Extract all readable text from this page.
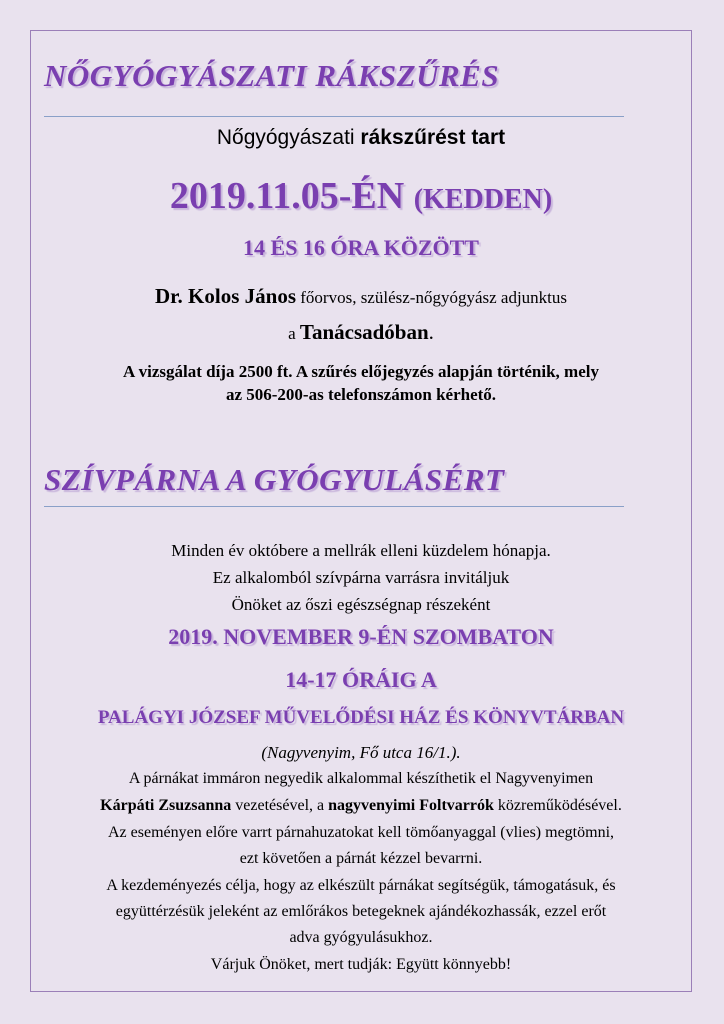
NŐGYÓGYÁSZATI RÁKSZŰRÉS

Nőgyógyászati rákszűrést tart

2019.11.05-ÉN (KEDDEN)

14 ÉS 16 ÓRA KÖZÖTT

Dr. Kolos János főorvos, szülész-nőgyógyász adjunktus

a Tanácsadóban.

A vizsgálat díja 2500 ft. A szűrés előjegyzés alapján történik, mely

az 506-200-as telefonszámon kérhető.

SZÍVPÁRNA A GYÓGYULÁSÉRT

Minden év októbere a mellrák elleni küzdelem hónapja.

Ez alkalomból szívpárna varrásra invitáljuk

Önöket az őszi egészségnap részeként

2019. NOVEMBER 9-ÉN SZOMBATON

14-17 ÓRÁIG A

PALÁGYI JÓZSEF MŰVELŐDÉSI HÁZ ÉS KÖNYVTÁRBAN

(Nagyvenyim, Fő utca 16/1.).

A párnákat immáron negyedik alkalommal készíthetik el Nagyvenyimen

Kárpáti Zsuzsanna vezetésével, a nagyvenyimi Foltvarrók közreműködésével.

Az eseményen előre varrt párnahuzatokat kell tömőanyaggal (vlies) megtömni,

ezt követően a párnát kézzel bevarrni.

A kezdeményezés célja, hogy az elkészült párnákat segítségük, támogatásuk, és

együttérzésük jeleként az emlőrákos betegeknek ajándékozhassák, ezzel erőt

adva gyógyulásukhoz.

Várjuk Önöket, mert tudják: Együtt könnyebb!
